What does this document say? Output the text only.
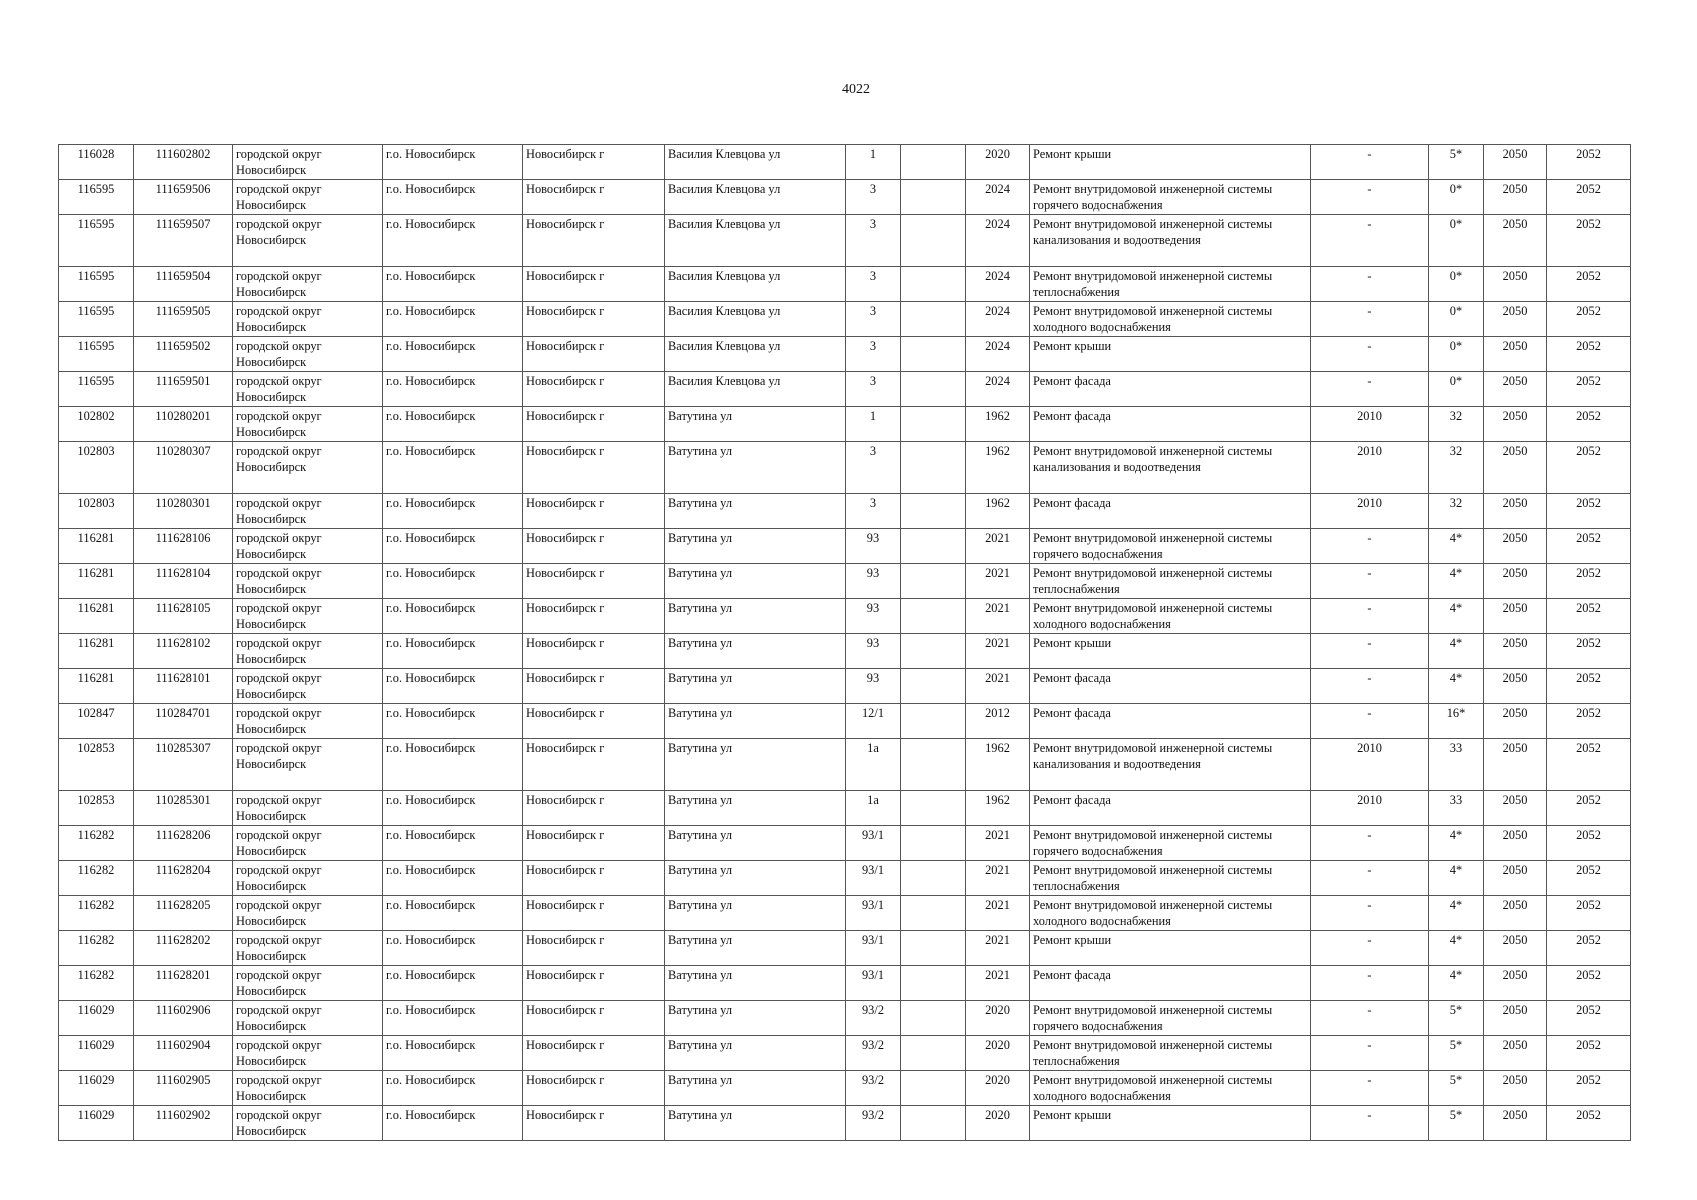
4022
116028	111602802	городской округ Новосибирск	г.о. Новосибирск	Новосибирск г	Василия Клевцова ул	1		2020	Ремонт крыши	-	5*	2050	2052
116595	111659506	городской округ Новосибирск	г.о. Новосибирск	Новосибирск г	Василия Клевцова ул	3		2024	Ремонт внутридомовой инженерной системы горячего водоснабжения	-	0*	2050	2052
116595	111659507	городской округ Новосибирск	г.о. Новосибирск	Новосибирск г	Василия Клевцова ул	3		2024	Ремонт внутридомовой инженерной системы канализования и водоотведения	-	0*	2050	2052
116595	111659504	городской округ Новосибирск	г.о. Новосибирск	Новосибирск г	Василия Клевцова ул	3		2024	Ремонт внутридомовой инженерной системы теплоснабжения	-	0*	2050	2052
116595	111659505	городской округ Новосибирск	г.о. Новосибирск	Новосибирск г	Василия Клевцова ул	3		2024	Ремонт внутридомовой инженерной системы холодного водоснабжения	-	0*	2050	2052
116595	111659502	городской округ Новосибирск	г.о. Новосибирск	Новосибирск г	Василия Клевцова ул	3		2024	Ремонт крыши	-	0*	2050	2052
116595	111659501	городской округ Новосибирск	г.о. Новосибирск	Новосибирск г	Василия Клевцова ул	3		2024	Ремонт фасада	-	0*	2050	2052
102802	110280201	городской округ Новосибирск	г.о. Новосибирск	Новосибирск г	Ватутина ул	1		1962	Ремонт фасада	2010	32	2050	2052
102803	110280307	городской округ Новосибирск	г.о. Новосибирск	Новосибирск г	Ватутина ул	3		1962	Ремонт внутридомовой инженерной системы канализования и водоотведения	2010	32	2050	2052
102803	110280301	городской округ Новосибирск	г.о. Новосибирск	Новосибирск г	Ватутина ул	3		1962	Ремонт фасада	2010	32	2050	2052
116281	111628106	городской округ Новосибирск	г.о. Новосибирск	Новосибирск г	Ватутина ул	93		2021	Ремонт внутридомовой инженерной системы горячего водоснабжения	-	4*	2050	2052
116281	111628104	городской округ Новосибирск	г.о. Новосибирск	Новосибирск г	Ватутина ул	93		2021	Ремонт внутридомовой инженерной системы теплоснабжения	-	4*	2050	2052
116281	111628105	городской округ Новосибирск	г.о. Новосибирск	Новосибирск г	Ватутина ул	93		2021	Ремонт внутридомовой инженерной системы холодного водоснабжения	-	4*	2050	2052
116281	111628102	городской округ Новосибирск	г.о. Новосибирск	Новосибирск г	Ватутина ул	93		2021	Ремонт крыши	-	4*	2050	2052
116281	111628101	городской округ Новосибирск	г.о. Новосибирск	Новосибирск г	Ватутина ул	93		2021	Ремонт фасада	-	4*	2050	2052
102847	110284701	городской округ Новосибирск	г.о. Новосибирск	Новосибирск г	Ватутина ул	12/1		2012	Ремонт фасада	-	16*	2050	2052
102853	110285307	городской округ Новосибирск	г.о. Новосибирск	Новосибирск г	Ватутина ул	1а		1962	Ремонт внутридомовой инженерной системы канализования и водоотведения	2010	33	2050	2052
102853	110285301	городской округ Новосибирск	г.о. Новосибирск	Новосибирск г	Ватутина ул	1а		1962	Ремонт фасада	2010	33	2050	2052
116282	111628206	городской округ Новосибирск	г.о. Новосибирск	Новосибирск г	Ватутина ул	93/1		2021	Ремонт внутридомовой инженерной системы горячего водоснабжения	-	4*	2050	2052
116282	111628204	городской округ Новосибирск	г.о. Новосибирск	Новосибирск г	Ватутина ул	93/1		2021	Ремонт внутридомовой инженерной системы теплоснабжения	-	4*	2050	2052
116282	111628205	городской округ Новосибирск	г.о. Новосибирск	Новосибирск г	Ватутина ул	93/1		2021	Ремонт внутридомовой инженерной системы холодного водоснабжения	-	4*	2050	2052
116282	111628202	городской округ Новосибирск	г.о. Новосибирск	Новосибирск г	Ватутина ул	93/1		2021	Ремонт крыши	-	4*	2050	2052
116282	111628201	городской округ Новосибирск	г.о. Новосибирск	Новосибирск г	Ватутина ул	93/1		2021	Ремонт фасада	-	4*	2050	2052
116029	111602906	городской округ Новосибирск	г.о. Новосибирск	Новосибирск г	Ватутина ул	93/2		2020	Ремонт внутридомовой инженерной системы горячего водоснабжения	-	5*	2050	2052
116029	111602904	городской округ Новосибирск	г.о. Новосибирск	Новосибирск г	Ватутина ул	93/2		2020	Ремонт внутридомовой инженерной системы теплоснабжения	-	5*	2050	2052
116029	111602905	городской округ Новосибирск	г.о. Новосибирск	Новосибирск г	Ватутина ул	93/2		2020	Ремонт внутридомовой инженерной системы холодного водоснабжения	-	5*	2050	2052
116029	111602902	городской округ Новосибирск	г.о. Новосибирск	Новосибирск г	Ватутина ул	93/2		2020	Ремонт крыши	-	5*	2050	2052
